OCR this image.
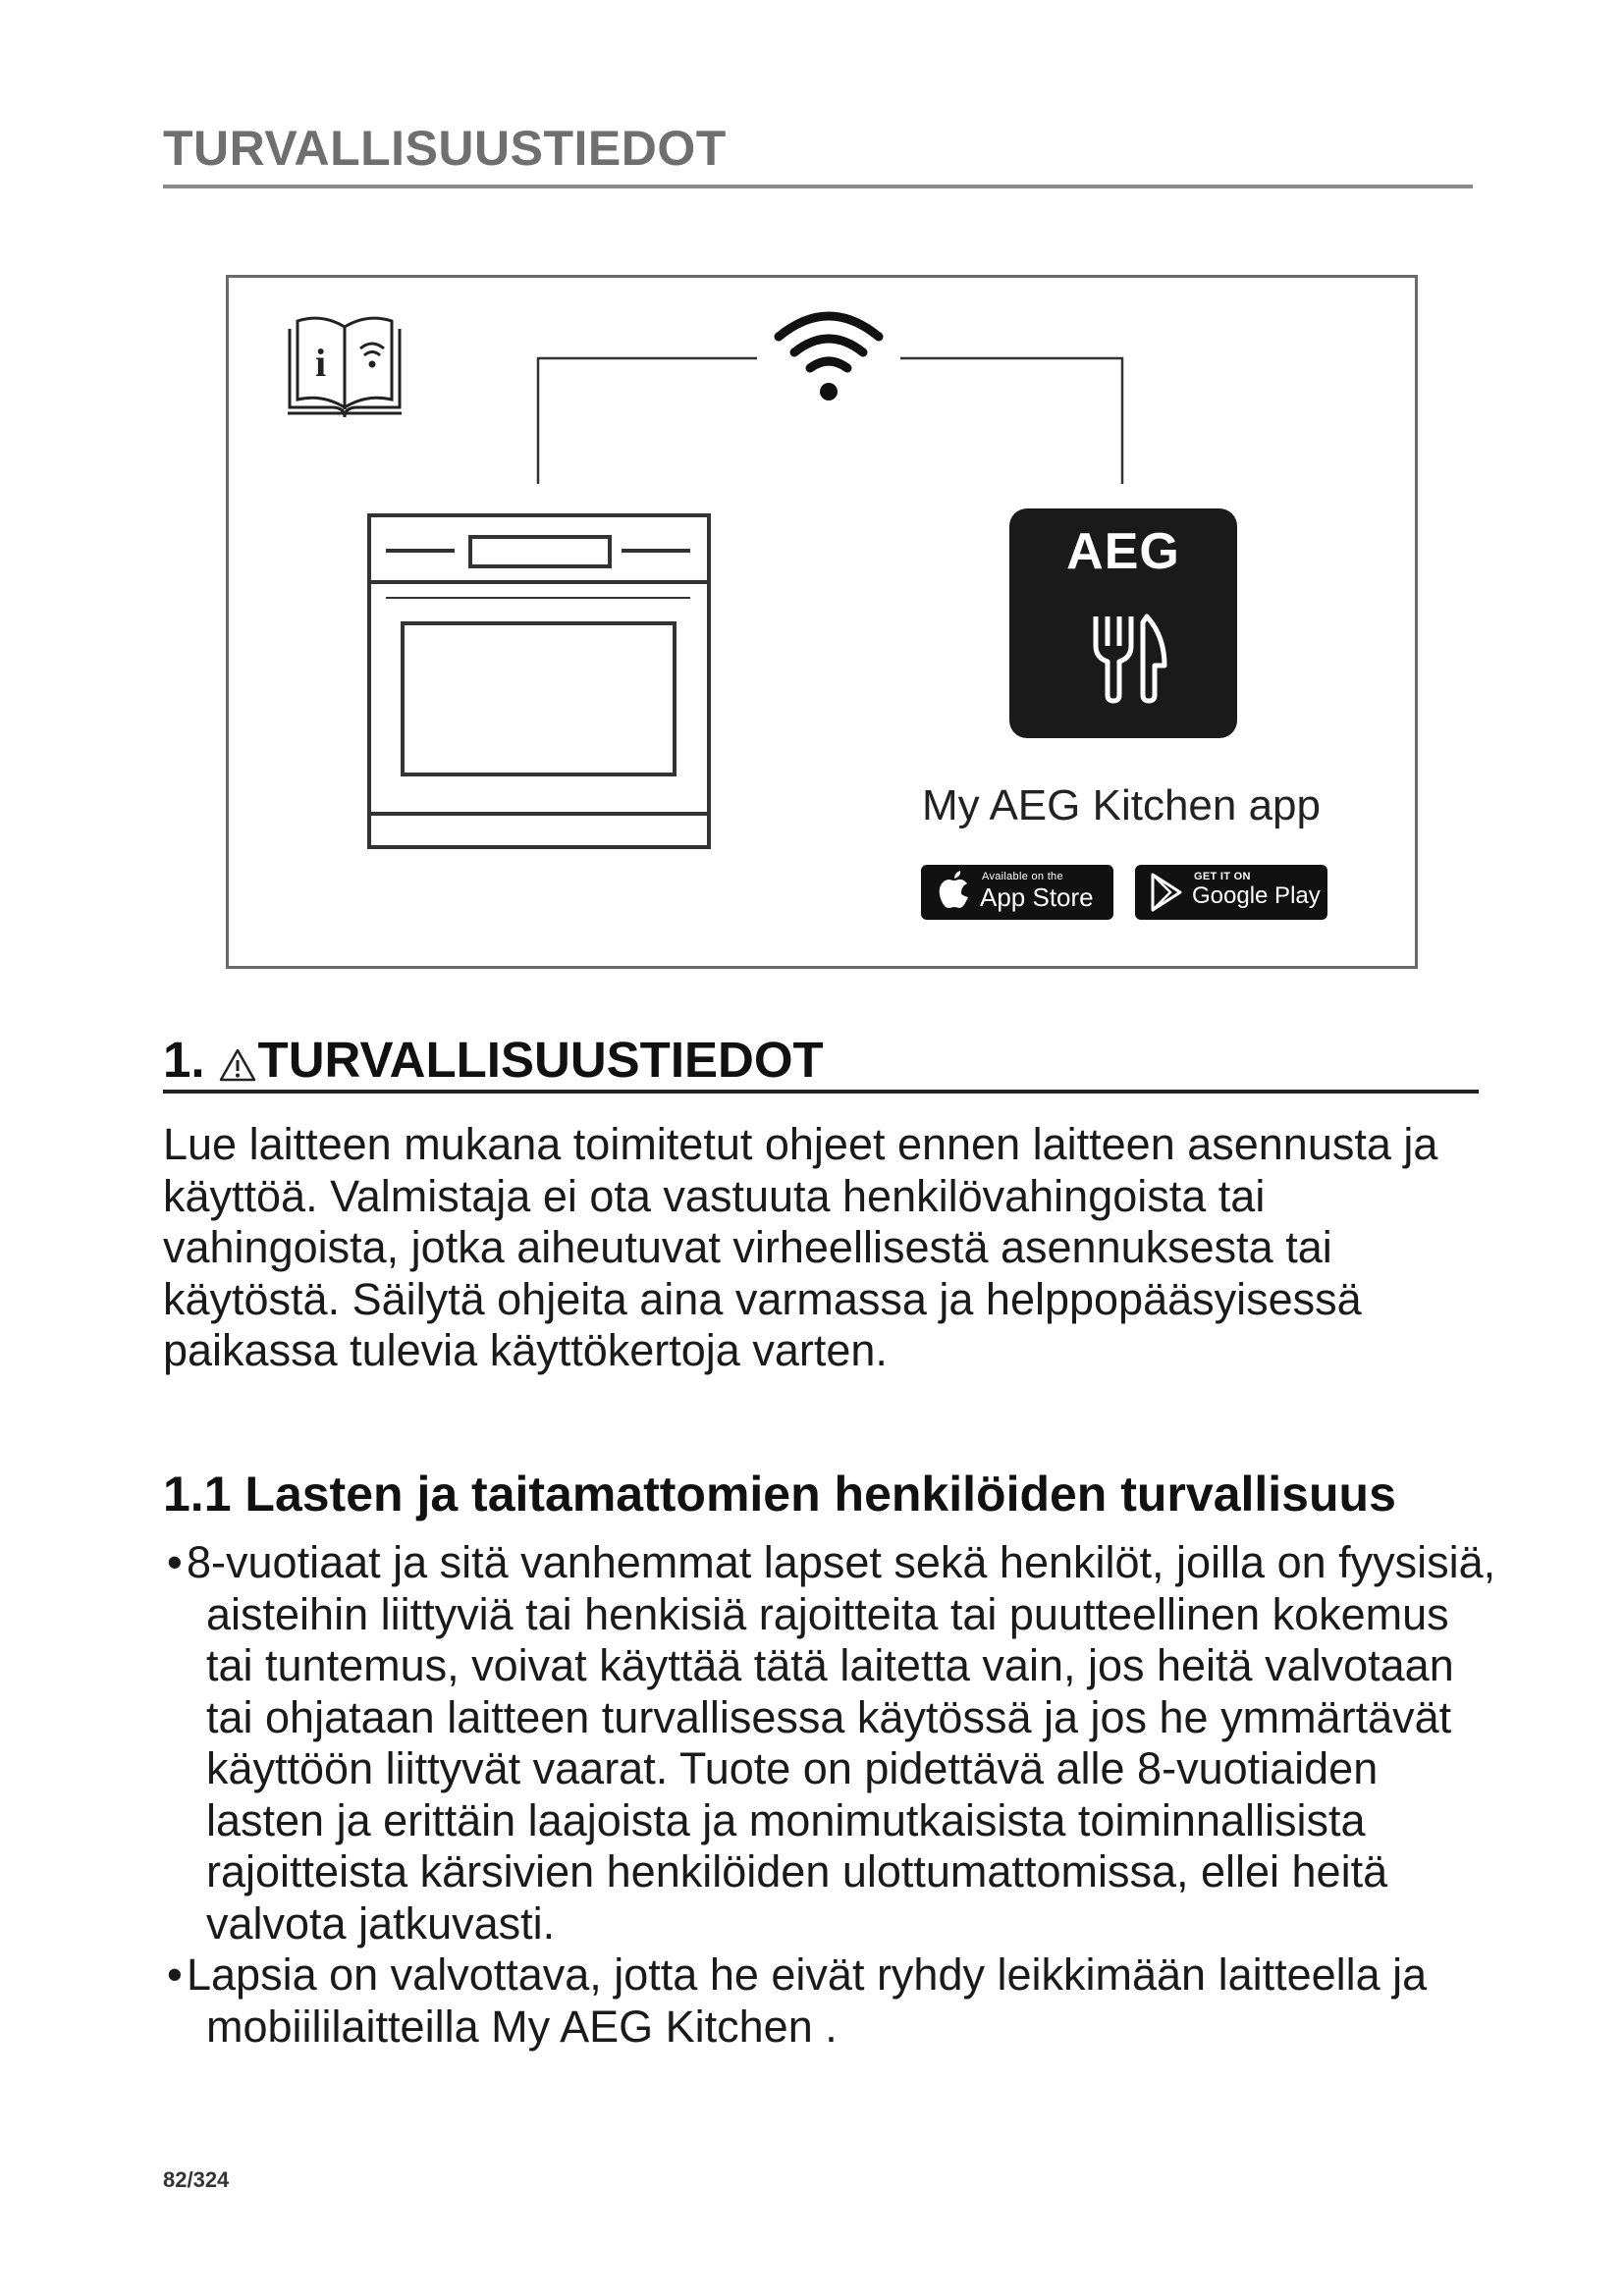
TURVALLISUUSTIEDOT
i
AEG
My AEG Kitchen app
Available on the
App Store
GET IT ON
Google Play
1. TURVALLISUUSTIEDOT
Lue laitteen mukana toimitetut ohjeet ennen laitteen asennusta ja käyttöä. Valmistaja ei ota vastuuta henkilövahingoista tai vahingoista, jotka aiheutuvat virheellisestä asennuksesta tai käytöstä. Säilytä ohjeita aina varmassa ja helppopääsyisessä paikassa tulevia käyttökertoja varten.
1.1 Lasten ja taitamattomien henkilöiden turvallisuus
• 8-vuotiaat ja sitä vanhemmat lapset sekä henkilöt, joilla on fyysisiä, aisteihin liittyviä tai henkisiä rajoitteita tai puutteellinen kokemus tai tuntemus, voivat käyttää tätä laitetta vain, jos heitä valvotaan tai ohjataan laitteen turvallisessa käytössä ja jos he ymmärtävät käyttöön liittyvät vaarat. Tuote on pidettävä alle 8-vuotiaiden lasten ja erittäin laajoista ja monimutkaisista toiminnallisista rajoitteista kärsivien henkilöiden ulottumattomissa, ellei heitä valvota jatkuvasti.
• Lapsia on valvottava, jotta he eivät ryhdy leikkimään laitteella ja mobiililaitteilla My AEG Kitchen .
82/324
